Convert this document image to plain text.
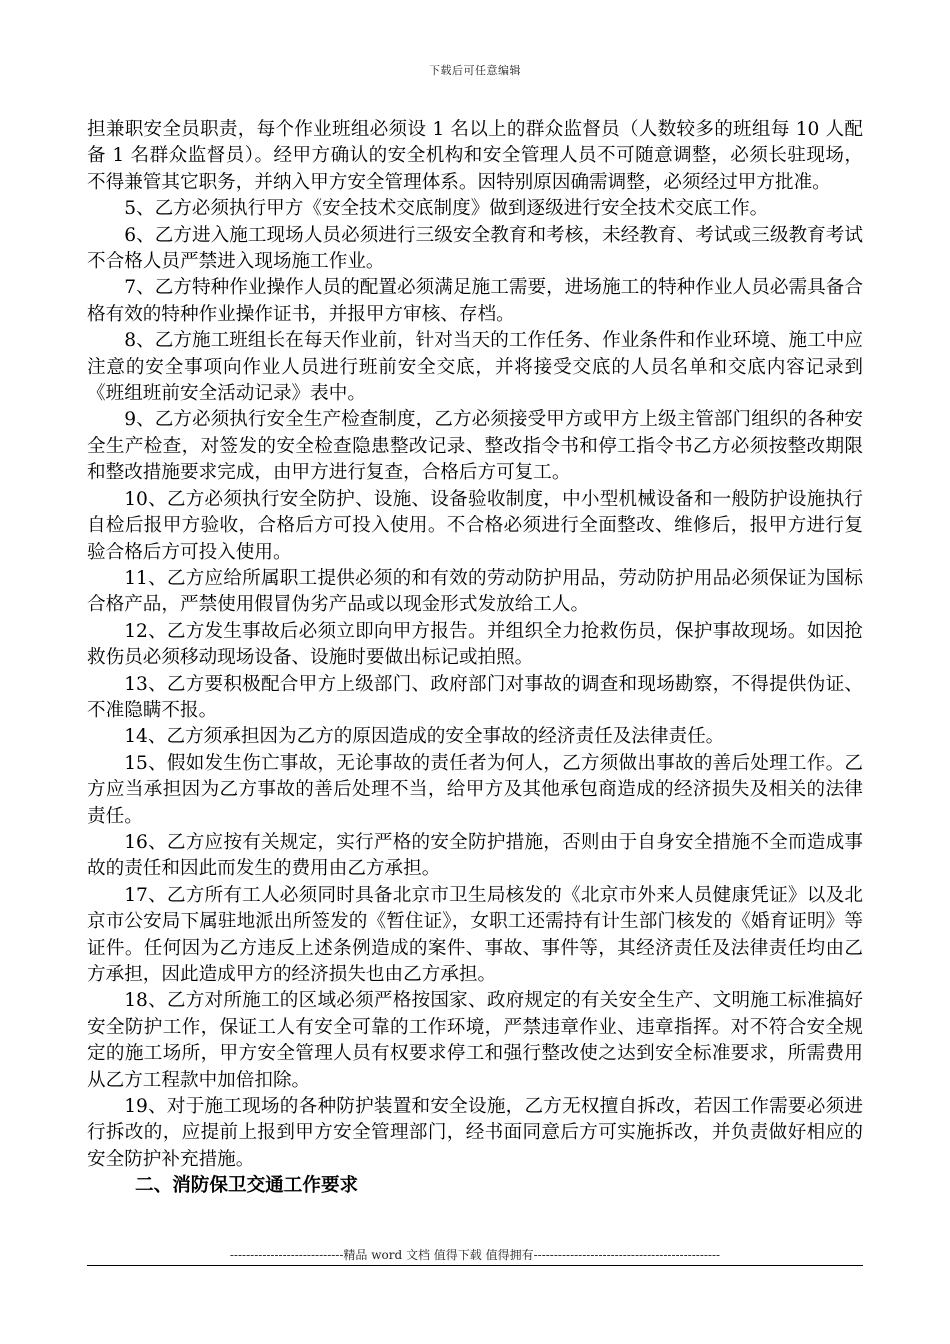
下载后可任意编辑

担兼职安全员职责，每个作业班组必须设 1 名以上的群众监督员（人数较多的班组每 10 人配备 1 名群众监督员）。经甲方确认的安全机构和安全管理人员不可随意调整，必须长驻现场，不得兼管其它职务，并纳入甲方安全管理体系。因特别原因确需调整，必须经过甲方批准。

5、乙方必须执行甲方《安全技术交底制度》做到逐级进行安全技术交底工作。

6、乙方进入施工现场人员必须进行三级安全教育和考核，未经教育、考试或三级教育考试不合格人员严禁进入现场施工作业。

7、乙方特种作业操作人员的配置必须满足施工需要，进场施工的特种作业人员必需具备合格有效的特种作业操作证书，并报甲方审核、存档。

8、乙方施工班组长在每天作业前，针对当天的工作任务、作业条件和作业环境、施工中应注意的安全事项向作业人员进行班前安全交底，并将接受交底的人员名单和交底内容记录到《班组班前安全活动记录》表中。

9、乙方必须执行安全生产检查制度，乙方必须接受甲方或甲方上级主管部门组织的各种安全生产检查，对签发的安全检查隐患整改记录、整改指令书和停工指令书乙方必须按整改期限和整改措施要求完成，由甲方进行复查，合格后方可复工。

10、乙方必须执行安全防护、设施、设备验收制度，中小型机械设备和一般防护设施执行自检后报甲方验收，合格后方可投入使用。不合格必须进行全面整改、维修后，报甲方进行复验合格后方可投入使用。

11、乙方应给所属职工提供必须的和有效的劳动防护用品，劳动防护用品必须保证为国标合格产品，严禁使用假冒伪劣产品或以现金形式发放给工人。

12、乙方发生事故后必须立即向甲方报告。并组织全力抢救伤员，保护事故现场。如因抢救伤员必须移动现场设备、设施时要做出标记或拍照。

13、乙方要积极配合甲方上级部门、政府部门对事故的调查和现场勘察，不得提供伪证、不准隐瞒不报。

14、乙方须承担因为乙方的原因造成的安全事故的经济责任及法律责任。

15、假如发生伤亡事故，无论事故的责任者为何人，乙方须做出事故的善后处理工作。乙方应当承担因为乙方事故的善后处理不当，给甲方及其他承包商造成的经济损失及相关的法律责任。

16、乙方应按有关规定，实行严格的安全防护措施，否则由于自身安全措施不全而造成事故的责任和因此而发生的费用由乙方承担。

17、乙方所有工人必须同时具备北京市卫生局核发的《北京市外来人员健康凭证》以及北京市公安局下属驻地派出所签发的《暂住证》，女职工还需持有计生部门核发的《婚育证明》等证件。任何因为乙方违反上述条例造成的案件、事故、事件等，其经济责任及法律责任均由乙方承担，因此造成甲方的经济损失也由乙方承担。

18、乙方对所施工的区域必须严格按国家、政府规定的有关安全生产、文明施工标准搞好安全防护工作，保证工人有安全可靠的工作环境，严禁违章作业、违章指挥。对不符合安全规定的施工场所，甲方安全管理人员有权要求停工和强行整改使之达到安全标准要求，所需费用从乙方工程款中加倍扣除。

19、对于施工现场的各种防护装置和安全设施，乙方无权擅自拆改，若因工作需要必须进行拆改的，应提前上报到甲方安全管理部门，经书面同意后方可实施拆改，并负责做好相应的安全防护补充措施。

二、消防保卫交通工作要求

----------------------------精品 word 文档 值得下载 值得拥有----------------------------------------------
